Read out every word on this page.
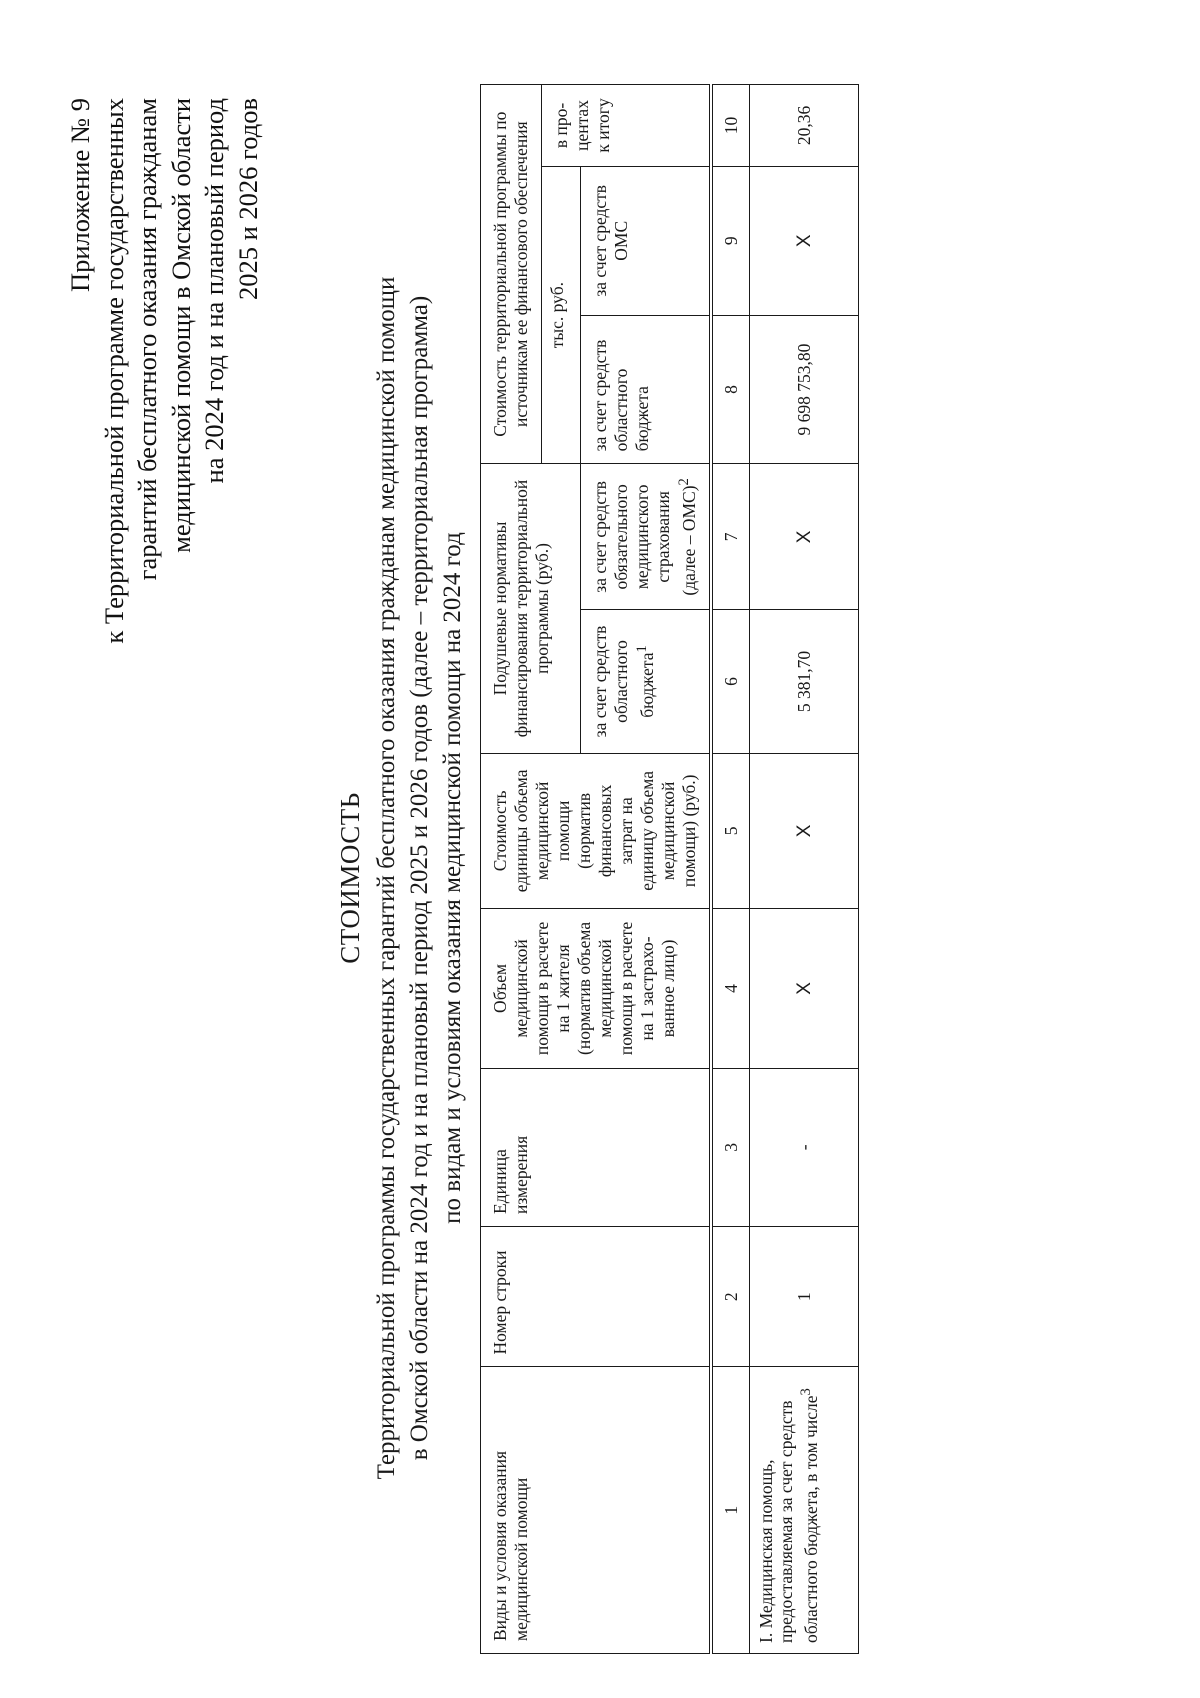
Приложение № 9 к Территориальной программе государственных гарантий бесплатного оказания гражданам медицинской помощи в Омской области на 2024 год и на плановый период 2025 и 2026 годов
СТОИМОСТЬ Территориальной программы государственных гарантий бесплатного оказания гражданам медицинской помощи в Омской области на 2024 год и на плановый период 2025 и 2026 годов (далее – территориальная программа) по видам и условиям оказания медицинской помощи на 2024 год
Виды и условия оказания медицинской помощи	Номер строки	Единица измерения	Объем медицинской помощи в расчете на 1 жителя (норматив объема медицинской помощи в расчете на 1 застрахо- ванное лицо)	Стоимость единицы объема медицинской помощи (норматив финансовых затрат на единицу объема медицинской помощи) (руб.)	Подушевые нормативы финансирования территориальной программы (руб.)		Стоимость территориальной программы по источникам ее финансового обеспечения		
							тыс. руб.		в про- центах к итогу
					за счет средств областного бюджета$^1$	за счет средств обязательного медицинского страхования (далее – ОМС)$^2$	за счет средств областного бюджета	за счет средств ОМС	
1	2	3	4	5	6	7	8	9	10
I. Медицинская помощь, предоставляемая за счет средств областного бюджета, в том числе$^3$	1	-	X	X	5 381,70	X	9 698 753,80	X	20,36
